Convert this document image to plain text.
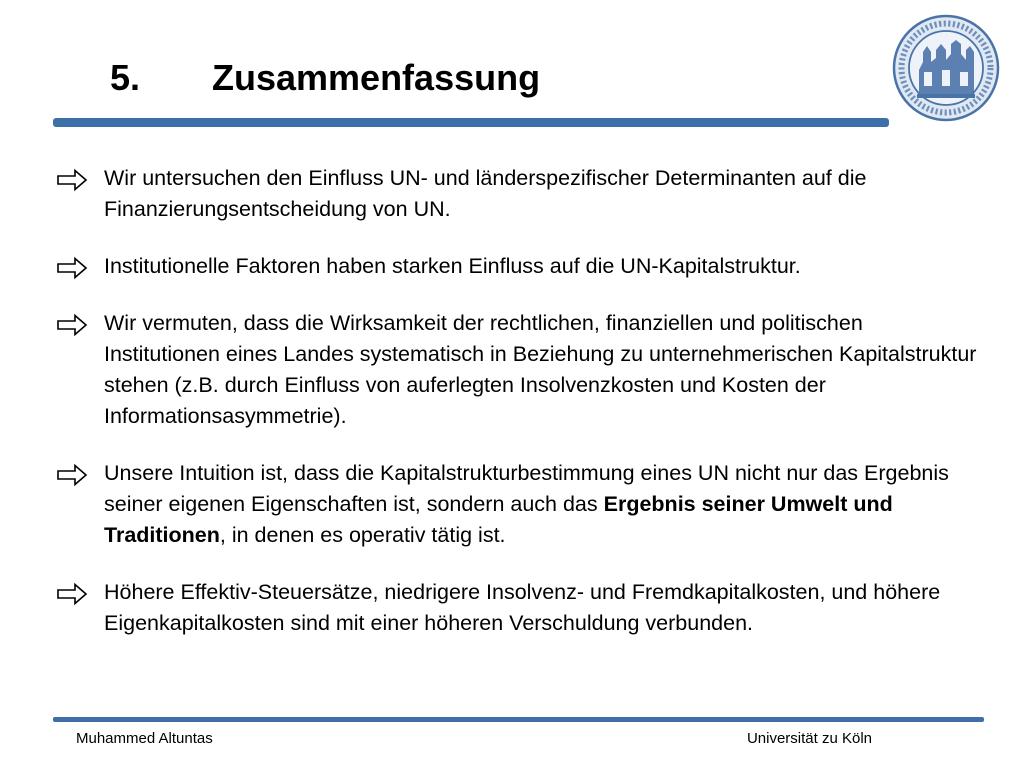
5. Zusammenfassung
Wir untersuchen den Einfluss UN- und länderspezifischer Determinanten auf die Finanzierungsentscheidung von UN.
Institutionelle Faktoren haben starken Einfluss auf die UN-Kapitalstruktur.
Wir vermuten, dass die Wirksamkeit der rechtlichen, finanziellen und politischen Institutionen eines Landes systematisch in Beziehung zu unternehmerischen Kapitalstruktur stehen (z.B. durch Einfluss von auferlegten Insolvenzkosten und Kosten der Informationsasymmetrie).
Unsere Intuition ist, dass die Kapitalstrukturbestimmung eines UN nicht nur das Ergebnis seiner eigenen Eigenschaften ist, sondern auch das Ergebnis seiner Umwelt und Traditionen, in denen es operativ tätig ist.
Höhere Effektiv-Steuersätze, niedrigere Insolvenz- und Fremdkapitalkosten, und höhere Eigenkapitalkosten sind mit einer höheren Verschuldung verbunden.
Muhammed Altuntas	Universität zu Köln
